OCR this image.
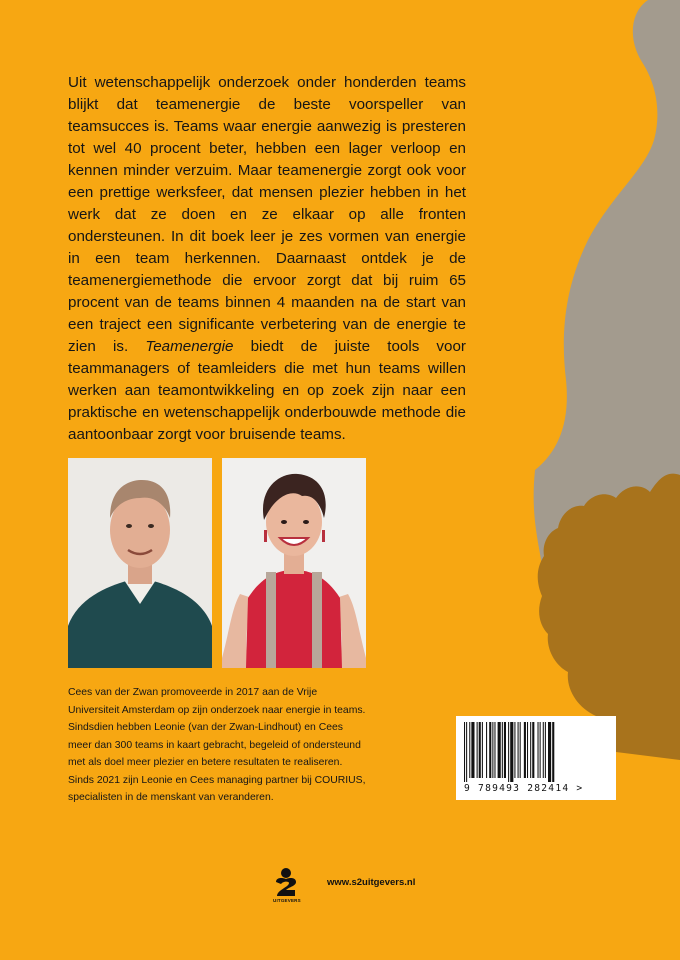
Uit wetenschappelijk onderzoek onder honderden teams blijkt dat teamenergie de beste voorspeller van teamsucces is. Teams waar energie aanwezig is presteren tot wel 40 procent beter, hebben een lager verloop en kennen minder verzuim. Maar teamenergie zorgt ook voor een prettige werksfeer, dat mensen plezier hebben in het werk dat ze doen en ze elkaar op alle fronten ondersteunen. In dit boek leer je zes vormen van energie in een team herkennen. Daarnaast ontdek je de teamenergiemethode die ervoor zorgt dat bij ruim 65 procent van de teams binnen 4 maanden na de start van een traject een significante verbetering van de energie te zien is. Teamenergie biedt de juiste tools voor teammanagers of teamleiders die met hun teams willen werken aan teamontwikkeling en op zoek zijn naar een praktische en wetenschappelijk onderbouwde methode die aantoonbaar zorgt voor bruisende teams.

Cees van der Zwan promoveerde in 2017 aan de Vrije Universiteit Amsterdam op zijn onderzoek naar energie in teams. Sindsdien hebben Leonie (van der Zwan-Lindhout) en Cees meer dan 300 teams in kaart gebracht, begeleid of ondersteund met als doel meer plezier en betere resultaten te realiseren. Sinds 2021 zijn Leonie en Cees managing partner bij COURIUS, specialisten in de menskant van veranderen.

UITGEVERS
www.s2uitgevers.nl
9 789493 282414 >
